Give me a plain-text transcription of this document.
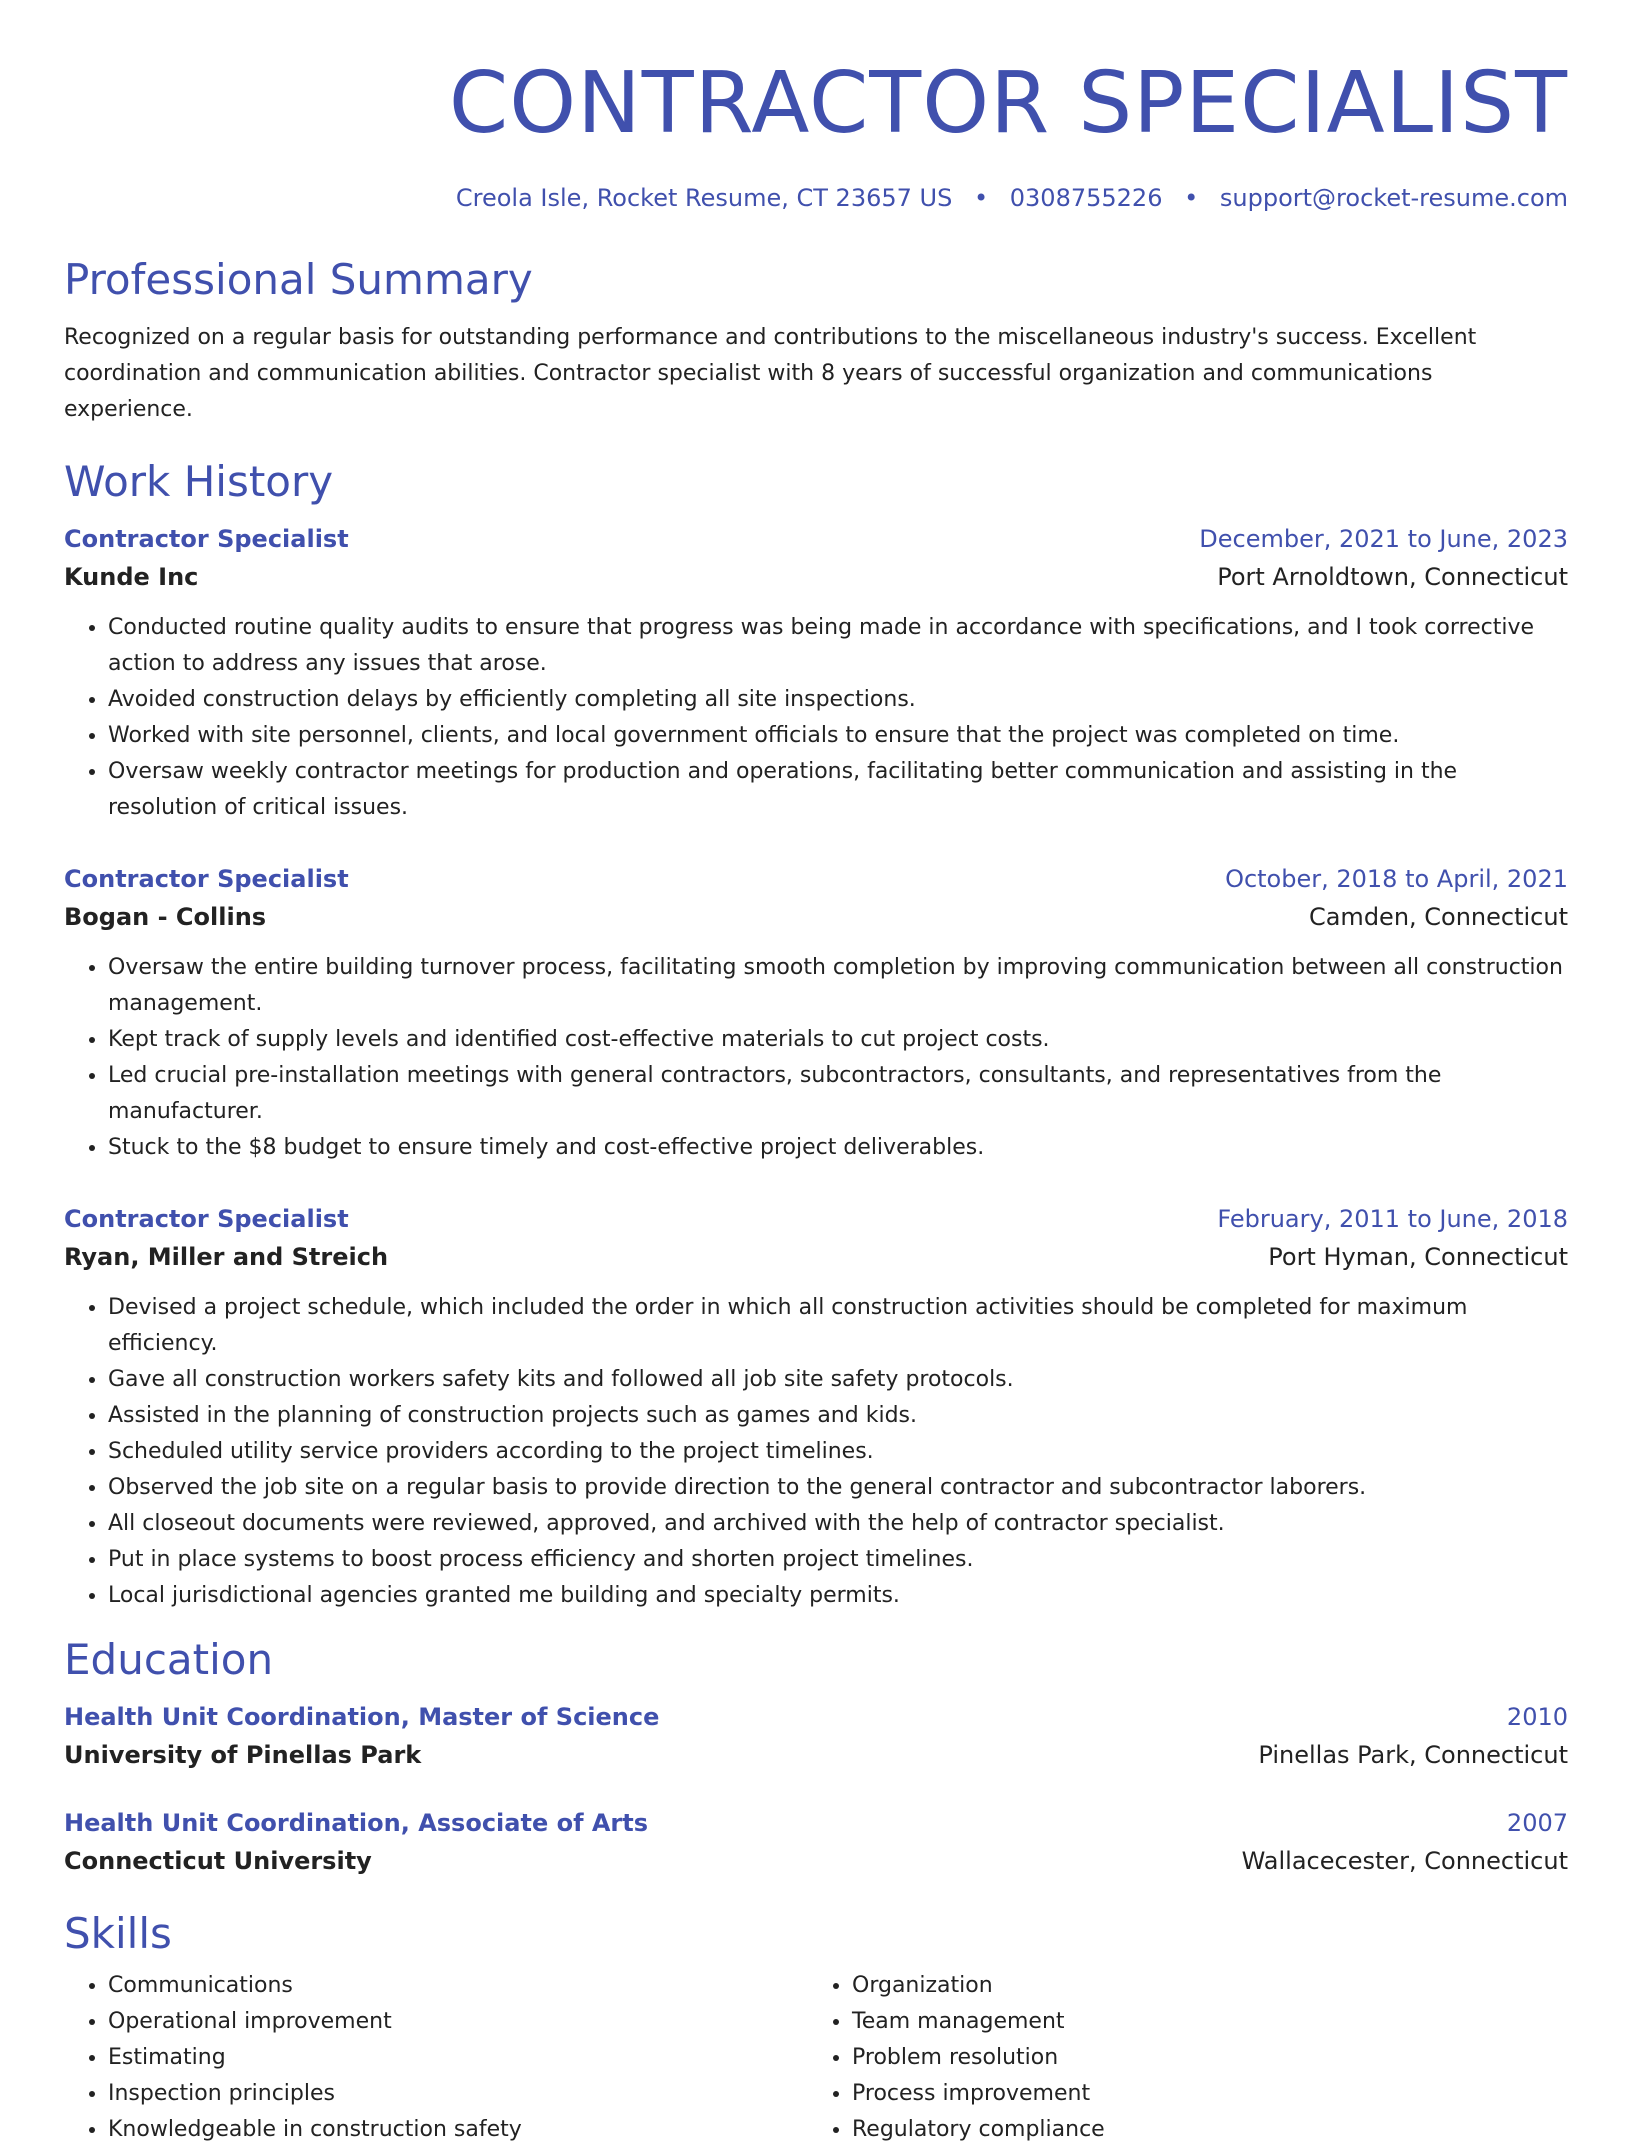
CONTRACTOR SPECIALIST
Creola Isle, Rocket Resume, CT 23657 US • 0308755226 • support@rocket-resume.com
Professional Summary
Recognized on a regular basis for outstanding performance and contributions to the miscellaneous industry's success. Excellent coordination and communication abilities. Contractor specialist with 8 years of successful organization and communications experience.
Work History
Contractor Specialist	December, 2021 to June, 2023
Kunde Inc	Port Arnoldtown, Connecticut
• Conducted routine quality audits to ensure that progress was being made in accordance with specifications, and I took corrective action to address any issues that arose.
• Avoided construction delays by efficiently completing all site inspections.
• Worked with site personnel, clients, and local government officials to ensure that the project was completed on time.
• Oversaw weekly contractor meetings for production and operations, facilitating better communication and assisting in the resolution of critical issues.
Contractor Specialist	October, 2018 to April, 2021
Bogan - Collins	Camden, Connecticut
• Oversaw the entire building turnover process, facilitating smooth completion by improving communication between all construction management.
• Kept track of supply levels and identified cost-effective materials to cut project costs.
• Led crucial pre-installation meetings with general contractors, subcontractors, consultants, and representatives from the manufacturer.
• Stuck to the $8 budget to ensure timely and cost-effective project deliverables.
Contractor Specialist	February, 2011 to June, 2018
Ryan, Miller and Streich	Port Hyman, Connecticut
• Devised a project schedule, which included the order in which all construction activities should be completed for maximum efficiency.
• Gave all construction workers safety kits and followed all job site safety protocols.
• Assisted in the planning of construction projects such as games and kids.
• Scheduled utility service providers according to the project timelines.
• Observed the job site on a regular basis to provide direction to the general contractor and subcontractor laborers.
• All closeout documents were reviewed, approved, and archived with the help of contractor specialist.
• Put in place systems to boost process efficiency and shorten project timelines.
• Local jurisdictional agencies granted me building and specialty permits.
Education
Health Unit Coordination, Master of Science	2010
University of Pinellas Park	Pinellas Park, Connecticut
Health Unit Coordination, Associate of Arts	2007
Connecticut University	Wallacecester, Connecticut
Skills
• Communications
• Operational improvement
• Estimating
• Inspection principles
• Knowledgeable in construction safety
• Organization
• Team management
• Problem resolution
• Process improvement
• Regulatory compliance
